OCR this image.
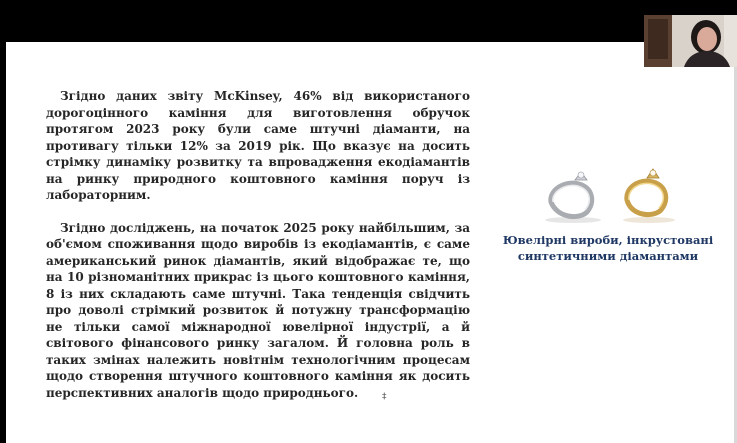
Згідно даних звіту McKinsey, 46% від використаного дорогоцінного каміння для виготовлення обручок протягом 2023 року були саме штучні діаманти, на противагу тільки 12% за 2019 рік. Що вказує на досить стрімку динаміку розвитку та впровадження екодіамантів на ринку природного коштовного каміння поруч із лабораторним.

Згідно досліджень, на початок 2025 року найбільшим, за об'ємом споживання щодо виробів із екодіамантів, є саме американський ринок діамантів, який відображає те, що на 10 різноманітних прикрас із цього коштовного каміння, 8 із них складають саме штучні. Така тенденція свідчить про доволі стрімкий розвиток й потужну трансформацію не тільки самої міжнародної ювелірної індустрії, а й світового фінансового ринку загалом. Й головна роль в таких змінах належить новітнім технологічним процесам щодо створення штучного коштовного каміння як досить перспективних аналогів щодо природнього.

Ювелірні вироби, інкрустовані синтетичними діамантами
‡
